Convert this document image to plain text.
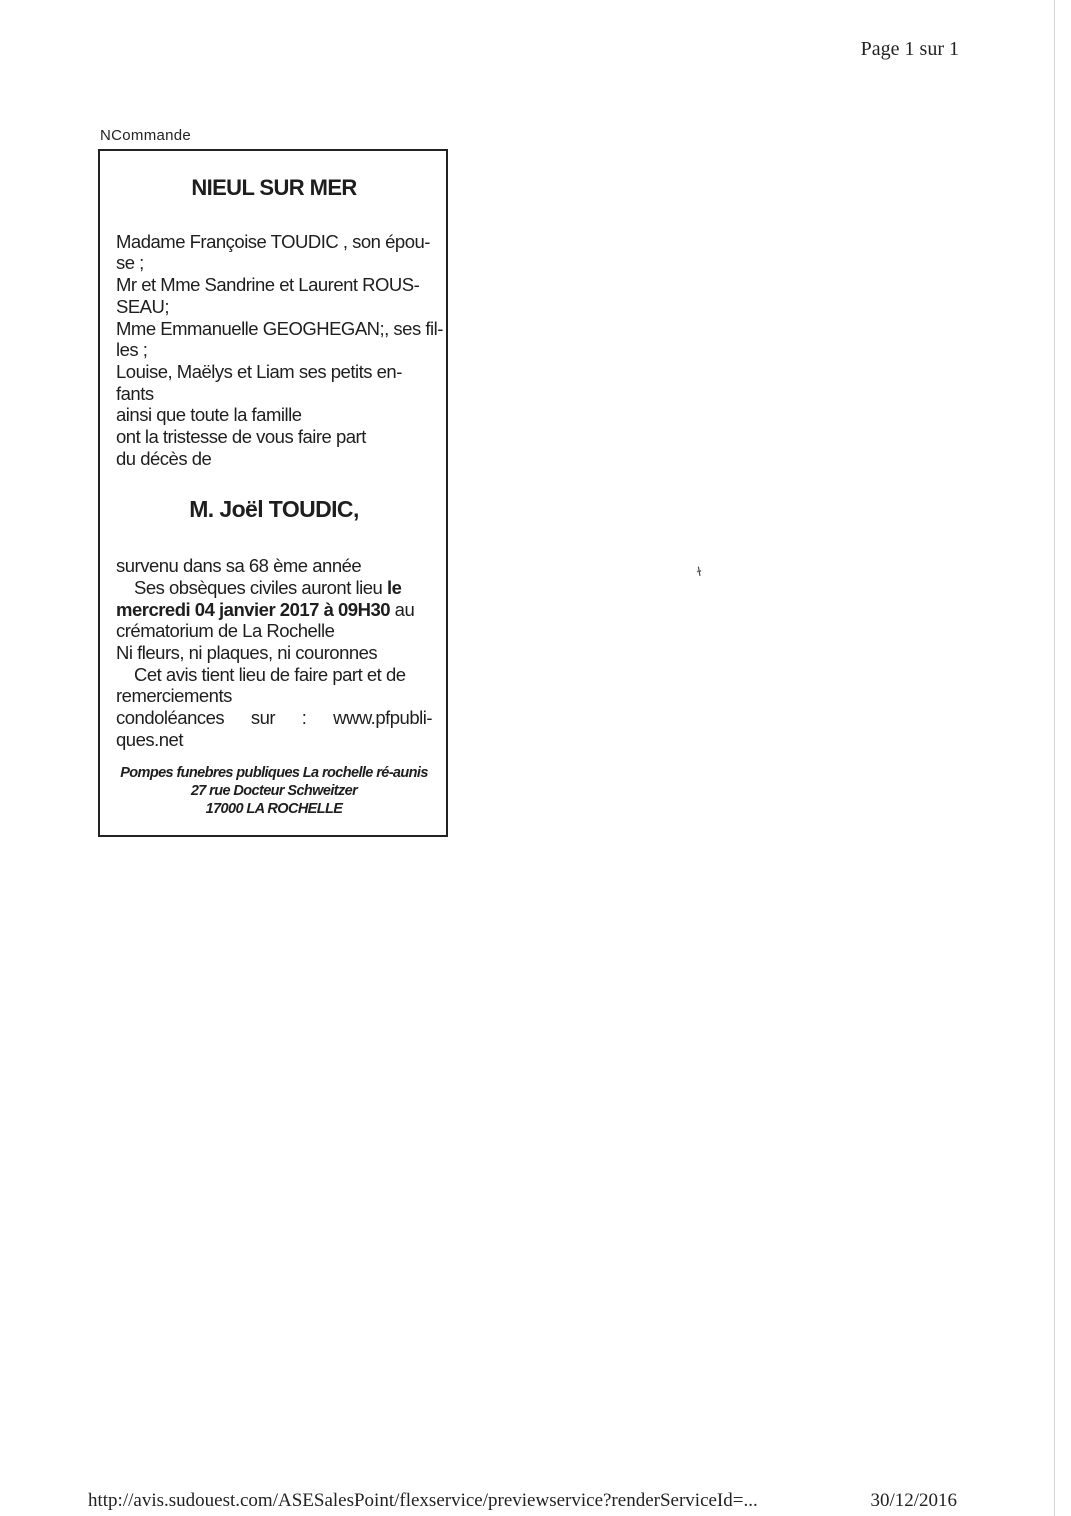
Page 1 sur 1
NCommande
NIEUL SUR MER

Madame Françoise TOUDIC , son épou-

se ;

Mr et Mme Sandrine et Laurent ROUS-

SEAU;

Mme Emmanuelle GEOGHEGAN;, ses fil-

les ;

Louise, Maëlys et Liam ses petits en-

fants

ainsi que toute la famille

ont la tristesse de vous faire part

du décès de

M. Joël TOUDIC,

survenu dans sa 68 ème année

Ses obsèques civiles auront lieu le mercredi 04 janvier 2017 à 09H30 au

crématorium de La Rochelle

Ni fleurs, ni plaques, ni couronnes

Cet avis tient lieu de faire part et de remerciements

condoléances sur : www.pfpubli-

ques.net

Pompes funebres publiques La rochelle ré-aunis
27 rue Docteur Schweitzer
17000 LA ROCHELLE
ɫ
http://avis.sudouest.com/ASESalesPoint/flexservice/previewservice?renderServiceId=...	30/12/2016
